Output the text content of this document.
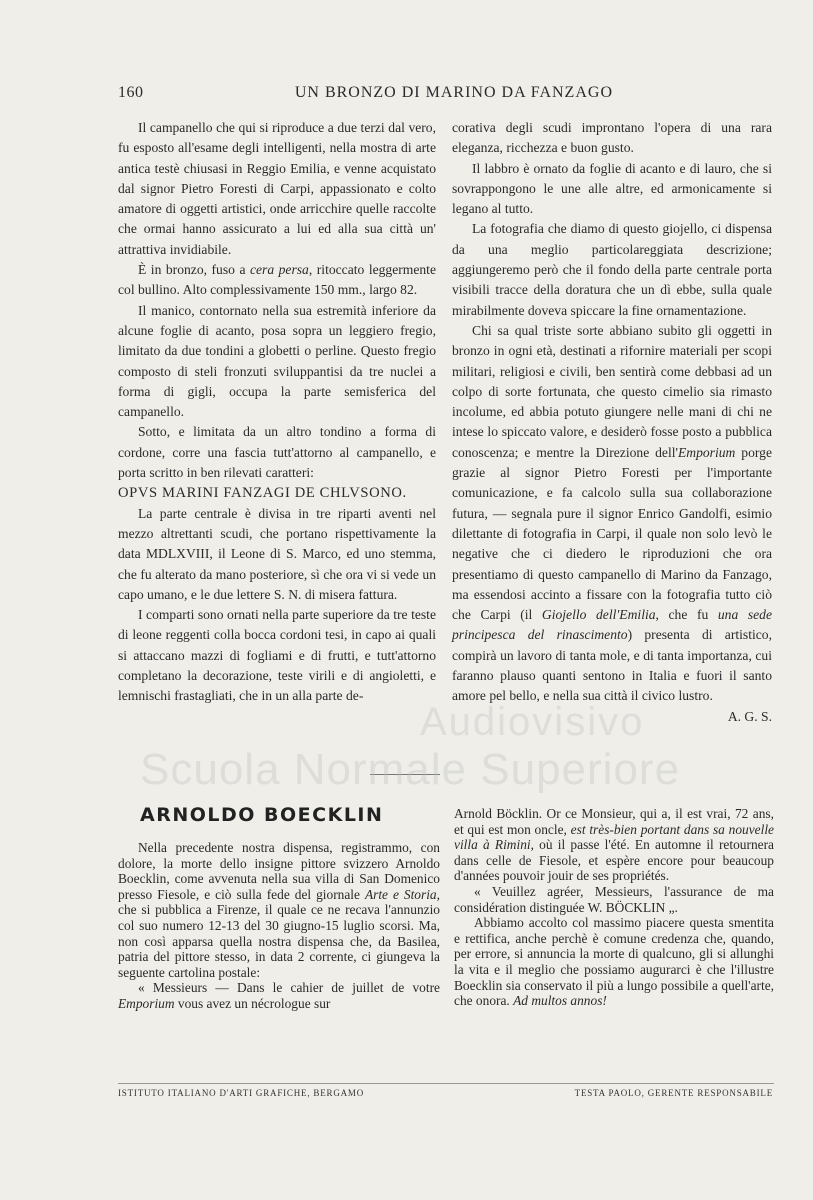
160	UN BRONZO DI MARINO DA FANZAGO

Il campanello che qui si riproduce a due terzi dal vero, fu esposto all'esame degli intelligenti, nella mostra di arte antica testè chiusasi in Reggio Emilia, e venne acquistato dal signor Pietro Foresti di Carpi, appassionato e colto amatore di oggetti artistici, onde arricchire quelle raccolte che ormai hanno assicurato a lui ed alla sua città un' attrattiva invidiabile.

È in bronzo, fuso a cera persa, ritoccato leggermente col bullino. Alto complessivamente 150 mm., largo 82.

Il manico, contornato nella sua estremità inferiore da alcune foglie di acanto, posa sopra un leggiero fregio, limitato da due tondini a globetti o perline. Questo fregio composto di steli fronzuti sviluppantisi da tre nuclei a forma di gigli, occupa la parte semisferica del campanello.

Sotto, e limitata da un altro tondino a forma di cordone, corre una fascia tutt'attorno al campanello, e porta scritto in ben rilevati caratteri:
OPVS MARINI FANZAGI DE CHLVSONO.

La parte centrale è divisa in tre riparti aventi nel mezzo altrettanti scudi, che portano rispettivamente la data MDLXVIII, il Leone di S. Marco, ed uno stemma, che fu alterato da mano posteriore, sì che ora vi si vede un capo umano, e le due lettere S. N. di misera fattura.

I comparti sono ornati nella parte superiore da tre teste di leone reggenti colla bocca cordoni tesi, in capo ai quali si attaccano mazzi di fogliami e di frutti, e tutt'attorno completano la decorazione, teste virili e di angioletti, e lemnischi frastagliati, che in un alla parte de-

corativa degli scudi improntano l'opera di una rara eleganza, ricchezza e buon gusto.

Il labbro è ornato da foglie di acanto e di lauro, che si sovrappongono le une alle altre, ed armonicamente si legano al tutto.

La fotografia che diamo di questo giojello, ci dispensa da una meglio particolareggiata descrizione; aggiungeremo però che il fondo della parte centrale porta visibili tracce della doratura che un dì ebbe, sulla quale mirabilmente doveva spiccare la fine ornamentazione.

Chi sa qual triste sorte abbiano subito gli oggetti in bronzo in ogni età, destinati a rifornire materiali per scopi militari, religiosi e civili, ben sentirà come debbasi ad un colpo di sorte fortunata, che questo cimelio sia rimasto incolume, ed abbia potuto giungere nelle mani di chi ne intese lo spiccato valore, e desiderò fosse posto a pubblica conoscenza; e mentre la Direzione dell'Emporium porge grazie al signor Pietro Foresti per l'importante comunicazione, e fa calcolo sulla sua collaborazione futura, — segnala pure il signor Enrico Gandolfi, esimio dilettante di fotografia in Carpi, il quale non solo levò le negative che ci diedero le riproduzioni che ora presentiamo di questo campanello di Marino da Fanzago, ma essendosi accinto a fissare con la fotografia tutto ciò che Carpi (il Giojello dell'Emilia, che fu una sede principesca del rinascimento) presenta di artistico, compirà un lavoro di tanta mole, e di tanta importanza, cui faranno plauso quanti sentono in Italia e fuori il santo amore pel bello, e nella sua città il civico lustro.
A. G. S.

Audiovisivo
Scuola Normale Superiore
ARNOLDO BOECKLIN

Nella precedente nostra dispensa, registrammo, con dolore, la morte dello insigne pittore svizzero Arnoldo Boecklin, come avvenuta nella sua villa di San Domenico presso Fiesole, e ciò sulla fede del giornale Arte e Storia, che si pubblica a Firenze, il quale ce ne recava l'annunzio col suo numero 12-13 del 30 giugno-15 luglio scorsi. Ma, non così apparsa quella nostra dispensa che, da Basilea, patria del pittore stesso, in data 2 corrente, ci giungeva la seguente cartolina postale:

« Messieurs — Dans le cahier de juillet de votre Emporium vous avez un nécrologue sur

Arnold Böcklin. Or ce Monsieur, qui a, il est vrai, 72 ans, et qui est mon oncle, est très-bien portant dans sa nouvelle villa à Rimini, où il passe l'été. En automne il retournera dans celle de Fiesole, et espère encore pour beaucoup d'années pouvoir jouir de ses propriétés.

« Veuillez agréer, Messieurs, l'assurance de ma considération distinguée W. BÖCKLIN „.

Abbiamo accolto col massimo piacere questa smentita e rettifica, anche perchè è comune credenza che, quando, per errore, si annuncia la morte di qualcuno, gli si allunghi la vita e il meglio che possiamo augurarci è che l'illustre Boecklin sia conservato il più a lungo possibile a quell'arte, che onora. Ad multos annos!

ISTITUTO ITALIANO D'ARTI GRAFICHE, BERGAMO	TESTA PAOLO, GERENTE RESPONSABILE
